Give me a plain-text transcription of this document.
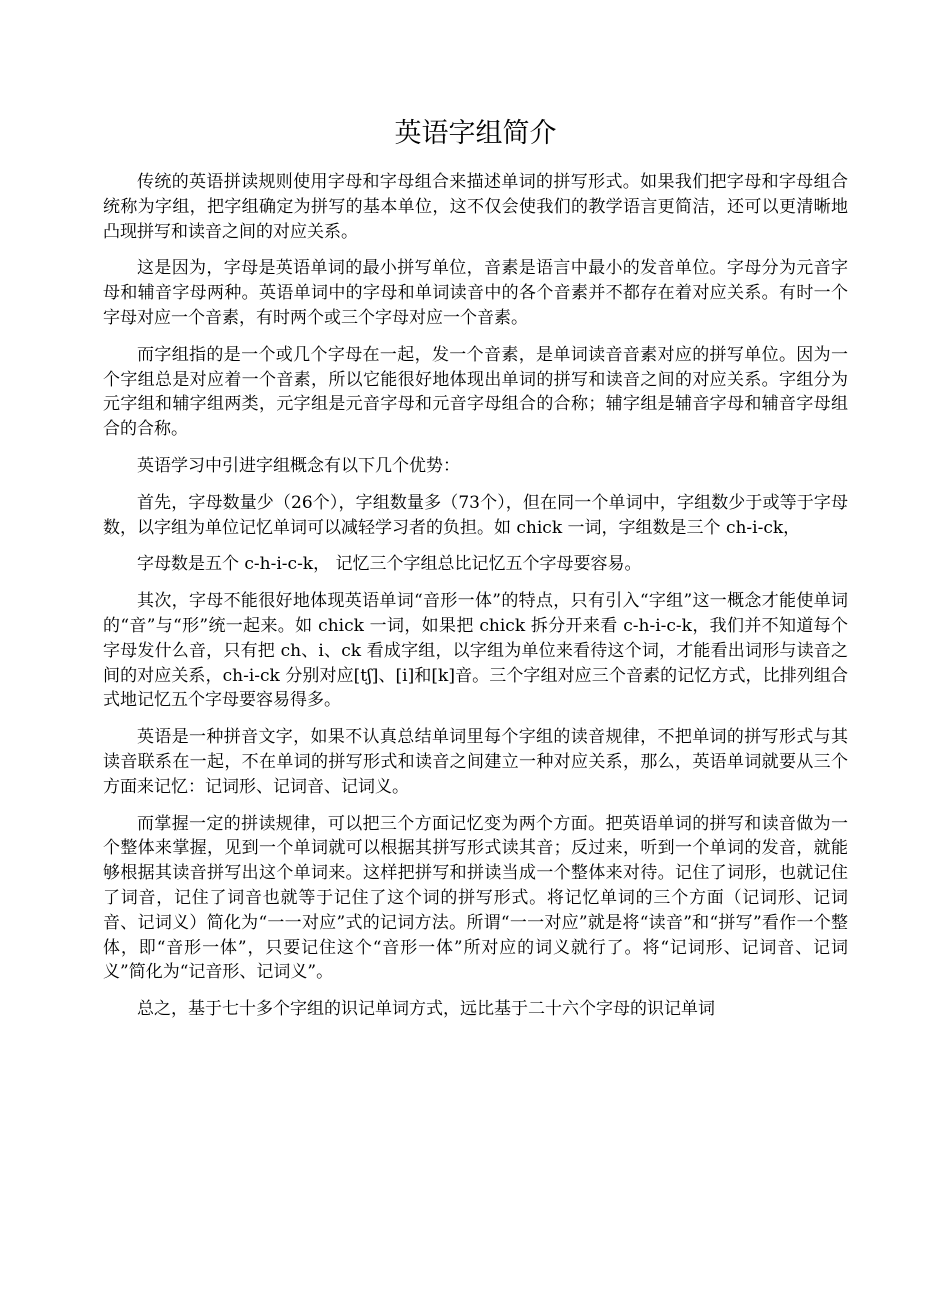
英语字组简介

传统的英语拼读规则使用字母和字母组合来描述单词的拼写形式。如果我们把字母和字母组合统称为字组，把字组确定为拼写的基本单位，这不仅会使我们的教学语言更简洁，还可以更清晰地凸现拼写和读音之间的对应关系。

这是因为，字母是英语单词的最小拼写单位，音素是语言中最小的发音单位。字母分为元音字母和辅音字母两种。英语单词中的字母和单词读音中的各个音素并不都存在着对应关系。有时一个字母对应一个音素，有时两个或三个字母对应一个音素。

而字组指的是一个或几个字母在一起，发一个音素，是单词读音音素对应的拼写单位。因为一个字组总是对应着一个音素，所以它能很好地体现出单词的拼写和读音之间的对应关系。字组分为元字组和辅字组两类，元字组是元音字母和元音字母组合的合称；辅字组是辅音字母和辅音字母组合的合称。

英语学习中引进字组概念有以下几个优势：

首先，字母数量少（26个），字组数量多（73个），但在同一个单词中，字组数少于或等于字母数，以字组为单位记忆单词可以减轻学习者的负担。如 chick 一词，字组数是三个 ch-i-ck，

字母数是五个 c-h-i-c-k， 记忆三个字组总比记忆五个字母要容易。

其次，字母不能很好地体现英语单词“音形一体”的特点，只有引入“字组”这一概念才能使单词的“音”与“形”统一起来。如 chick 一词，如果把 chick 拆分开来看 c-h-i-c-k，我们并不知道每个字母发什么音，只有把 ch、i、ck 看成字组，以字组为单位来看待这个词，才能看出词形与读音之间的对应关系，ch-i-ck 分别对应[tʃ]、[i]和[k]音。三个字组对应三个音素的记忆方式，比排列组合式地记忆五个字母要容易得多。

英语是一种拼音文字，如果不认真总结单词里每个字组的读音规律，不把单词的拼写形式与其读音联系在一起，不在单词的拼写形式和读音之间建立一种对应关系，那么，英语单词就要从三个方面来记忆：记词形、记词音、记词义。

而掌握一定的拼读规律，可以把三个方面记忆变为两个方面。把英语单词的拼写和读音做为一个整体来掌握，见到一个单词就可以根据其拼写形式读其音；反过来，听到一个单词的发音，就能够根据其读音拼写出这个单词来。这样把拼写和拼读当成一个整体来对待。记住了词形，也就记住了词音，记住了词音也就等于记住了这个词的拼写形式。将记忆单词的三个方面（记词形、记词音、记词义）简化为“一一对应”式的记词方法。所谓“一一对应”就是将“读音”和“拼写”看作一个整体，即“音形一体”，只要记住这个“音形一体”所对应的词义就行了。将“记词形、记词音、记词义”简化为“记音形、记词义”。

总之，基于七十多个字组的识记单词方式，远比基于二十六个字母的识记单词
